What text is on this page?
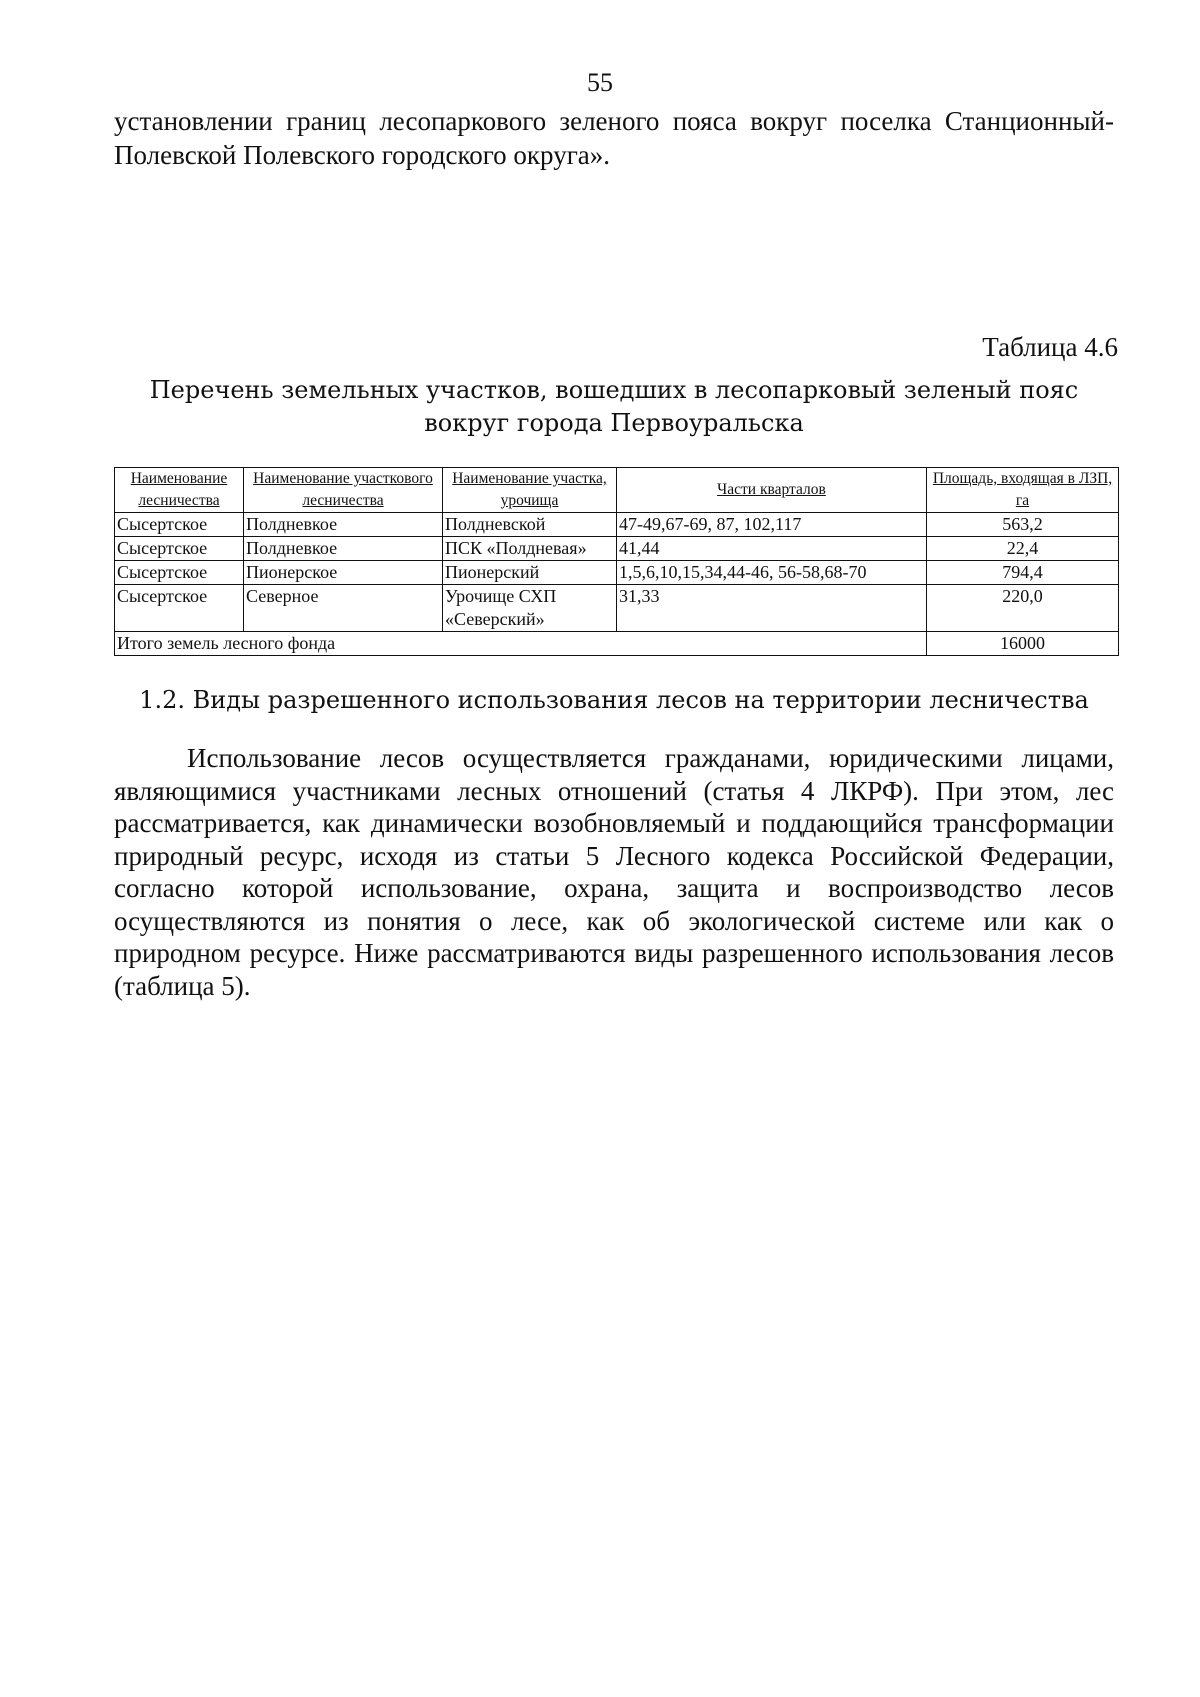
55
установлении границ лесопаркового зеленого пояса вокруг поселка Станционный-Полевской Полевского городского округа».
Таблица 4.6
Перечень земельных участков, вошедших в лесопарковый зеленый пояс вокруг города Первоуральска
Наименование лесничества	Наименование участкового лесничества	Наименование участка, урочища	Части кварталов	Площадь, входящая в ЛЗП, га
Сысертское	Полдневкое	Полдневской	47-49,67-69, 87, 102,117	563,2
Сысертское	Полдневкое	ПСК «Полдневая»	41,44	22,4
Сысертское	Пионерское	Пионерский	1,5,6,10,15,34,44-46, 56-58,68-70	794,4
Сысертское	Северное	Урочище СХП «Северский»	31,33	220,0
Итого земель лесного фонда				16000
1.2. Виды разрешенного использования лесов на территории лесничества
Использование лесов осуществляется гражданами, юридическими лицами, являющимися участниками лесных отношений (статья 4 ЛКРФ). При этом, лес рассматривается, как динамически возобновляемый и поддающийся трансформации природный ресурс, исходя из статьи 5 Лесного кодекса Российской Федерации, согласно которой использование, охрана, защита и воспроизводство лесов осуществляются из понятия о лесе, как об экологической системе или как о природном ресурсе. Ниже рассматриваются виды разрешенного использования лесов (таблица 5).
